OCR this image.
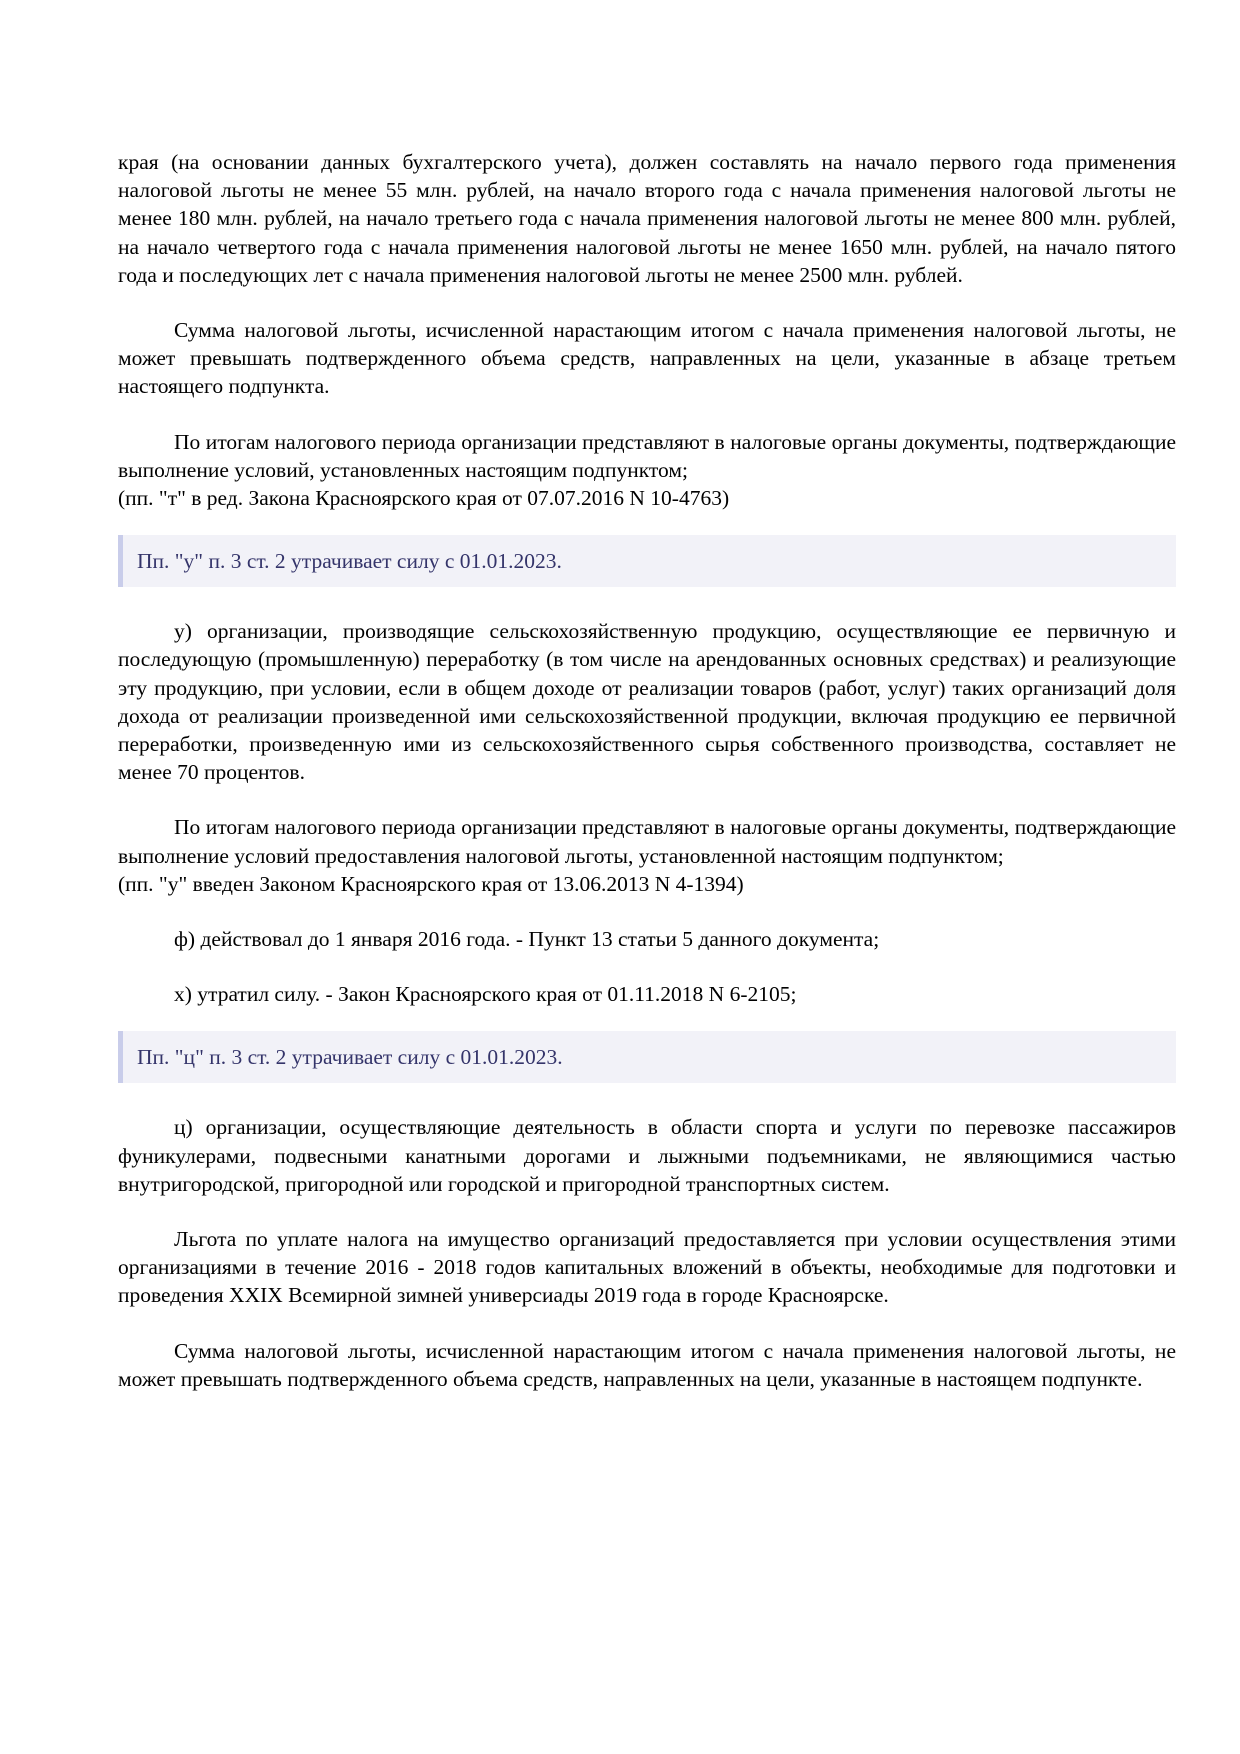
края (на основании данных бухгалтерского учета), должен составлять на начало первого года применения налоговой льготы не менее 55 млн. рублей, на начало второго года с начала применения налоговой льготы не менее 180 млн. рублей, на начало третьего года с начала применения налоговой льготы не менее 800 млн. рублей, на начало четвертого года с начала применения налоговой льготы не менее 1650 млн. рублей, на начало пятого года и последующих лет с начала применения налоговой льготы не менее 2500 млн. рублей.

Сумма налоговой льготы, исчисленной нарастающим итогом с начала применения налоговой льготы, не может превышать подтвержденного объема средств, направленных на цели, указанные в абзаце третьем настоящего подпункта.

По итогам налогового периода организации представляют в налоговые органы документы, подтверждающие выполнение условий, установленных настоящим подпунктом;

(пп. "т" в ред. Закона Красноярского края от 07.07.2016 N 10-4763)

Пп. "у" п. 3 ст. 2 утрачивает силу с 01.01.2023.

у) организации, производящие сельскохозяйственную продукцию, осуществляющие ее первичную и последующую (промышленную) переработку (в том числе на арендованных основных средствах) и реализующие эту продукцию, при условии, если в общем доходе от реализации товаров (работ, услуг) таких организаций доля дохода от реализации произведенной ими сельскохозяйственной продукции, включая продукцию ее первичной переработки, произведенную ими из сельскохозяйственного сырья собственного производства, составляет не менее 70 процентов.

По итогам налогового периода организации представляют в налоговые органы документы, подтверждающие выполнение условий предоставления налоговой льготы, установленной настоящим подпунктом;

(пп. "у" введен Законом Красноярского края от 13.06.2013 N 4-1394)

ф) действовал до 1 января 2016 года. - Пункт 13 статьи 5 данного документа;

х) утратил силу. - Закон Красноярского края от 01.11.2018 N 6-2105;

Пп. "ц" п. 3 ст. 2 утрачивает силу с 01.01.2023.

ц) организации, осуществляющие деятельность в области спорта и услуги по перевозке пассажиров фуникулерами, подвесными канатными дорогами и лыжными подъемниками, не являющимися частью внутригородской, пригородной или городской и пригородной транспортных систем.

Льгота по уплате налога на имущество организаций предоставляется при условии осуществления этими организациями в течение 2016 - 2018 годов капитальных вложений в объекты, необходимые для подготовки и проведения XXIX Всемирной зимней универсиады 2019 года в городе Красноярске.

Сумма налоговой льготы, исчисленной нарастающим итогом с начала применения налоговой льготы, не может превышать подтвержденного объема средств, направленных на цели, указанные в настоящем подпункте.
